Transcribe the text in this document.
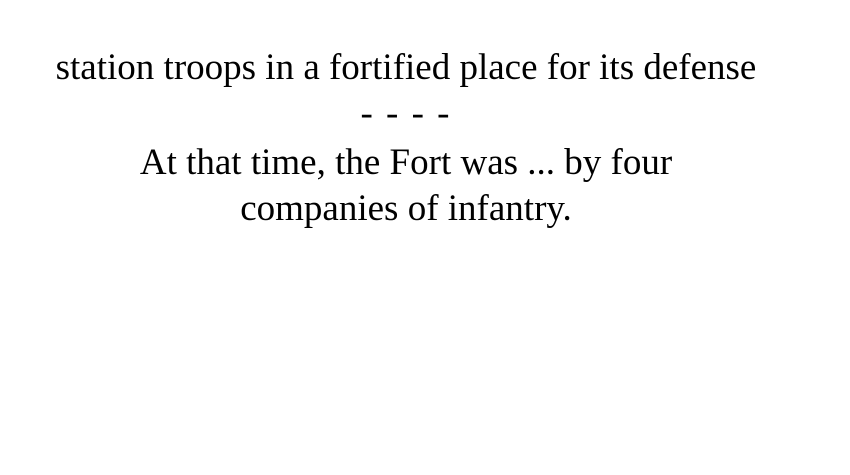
station troops in a fortified place for its defense
- - - -
At that time, the Fort was ... by four
companies of infantry.
